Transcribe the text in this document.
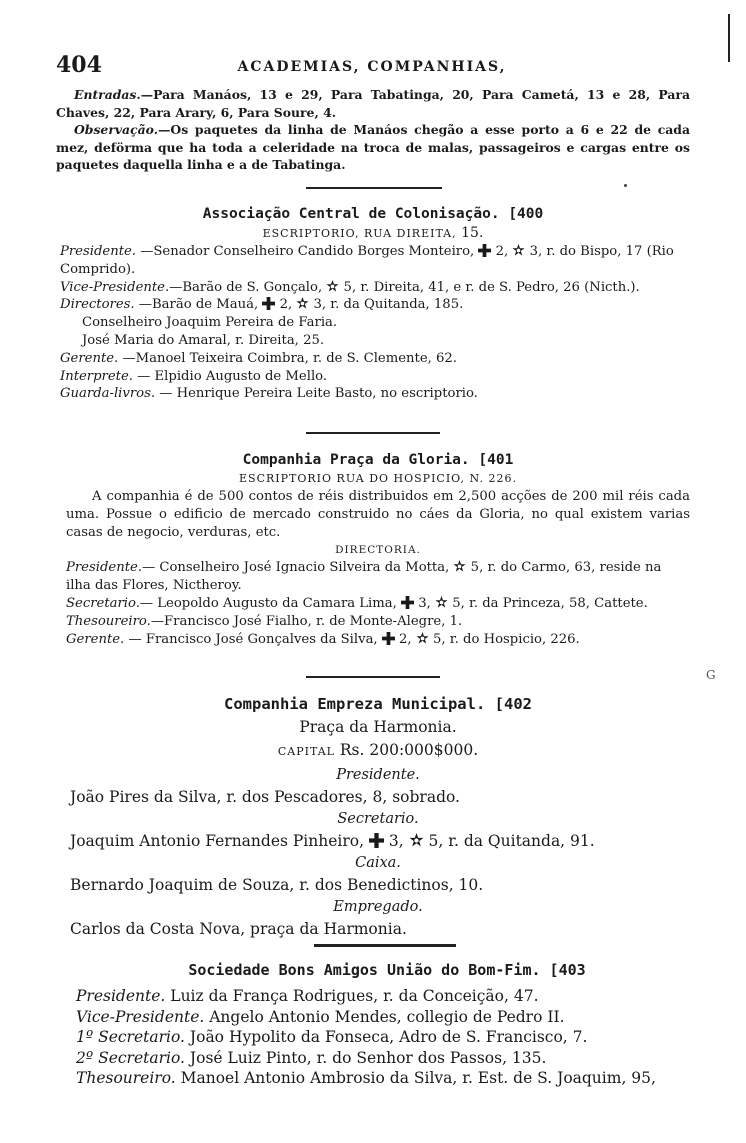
404	ACADEMIAS, COMPANHIAS,

Entradas.—Para Manáos, 13 e 29, Para Tabatinga, 20, Para Cametá, 13 e 28, Para Chaves, 22, Para Arary, 6, Para Soure, 4.

Observação.—Os paquetes da linha de Manáos chegão a esse porto a 6 e 22 de cada mez, deförma que ha toda a celeridade na troca de malas, passageiros e cargas entre os paquetes daquella linha e a de Tabatinga.

Associação Central de Colonisação. [400
ESCRIPTORIO, RUA DIREITA, 15.
Presidente. —Senador Conselheiro Candido Borges Monteiro,  2,  3, r. do Bispo, 17 (Rio Comprido).
Vice-Presidente.—Barão de S. Gonçalo,  5, r. Direita, 41, e r. de S. Pedro, 26 (Nicth.).
Directores. —Barão de Mauá,  2,  3, r. da Quitanda, 185.
Conselheiro Joaquim Pereira de Faria.
José Maria do Amaral, r. Direita, 25.
Gerente. —Manoel Teixeira Coimbra, r. de S. Clemente, 62.
Interprete. — Elpidio Augusto de Mello.
Guarda-livros. — Henrique Pereira Leite Basto, no escriptorio.
Companhia Praça da Gloria. [401
ESCRIPTORIO RUA DO HOSPICIO, N. 226.

A companhia é de 500 contos de réis distribuidos em 2,500 acções de 200 mil réis cada uma. Possue o edificio de mercado construido no cáes da Gloria, no qual existem varias casas de negocio, verduras, etc.

DIRECTORIA.
Presidente.— Conselheiro José Ignacio Silveira da Motta,  5, r. do Carmo, 63, reside na ilha das Flores, Nictheroy.
Secretario.— Leopoldo Augusto da Camara Lima,  3,  5, r. da Princeza, 58, Cattete.
Thesoureiro.—Francisco José Fialho, r. de Monte-Alegre, 1.
Gerente. — Francisco José Gonçalves da Silva,  2,  5, r. do Hospicio, 226.
G
Companhia Empreza Municipal. [402
Praça da Harmonia.
CAPITAL Rs. 200:000$000.
Presidente.
João Pires da Silva, r. dos Pescadores, 8, sobrado.
Secretario.
Joaquim Antonio Fernandes Pinheiro,  3,  5, r. da Quitanda, 91.
Caixa.
Bernardo Joaquim de Souza, r. dos Benedictinos, 10.
Empregado.
Carlos da Costa Nova, praça da Harmonia.
Sociedade Bons Amigos União do Bom-Fim. [403
Presidente. Luiz da França Rodrigues, r. da Conceição, 47.
Vice-Presidente. Angelo Antonio Mendes, collegio de Pedro II.
1º Secretario. João Hypolito da Fonseca, Adro de S. Francisco, 7.
2º Secretario. José Luiz Pinto, r. do Senhor dos Passos, 135.
Thesoureiro. Manoel Antonio Ambrosio da Silva, r. Est. de S. Joaquim, 95,
